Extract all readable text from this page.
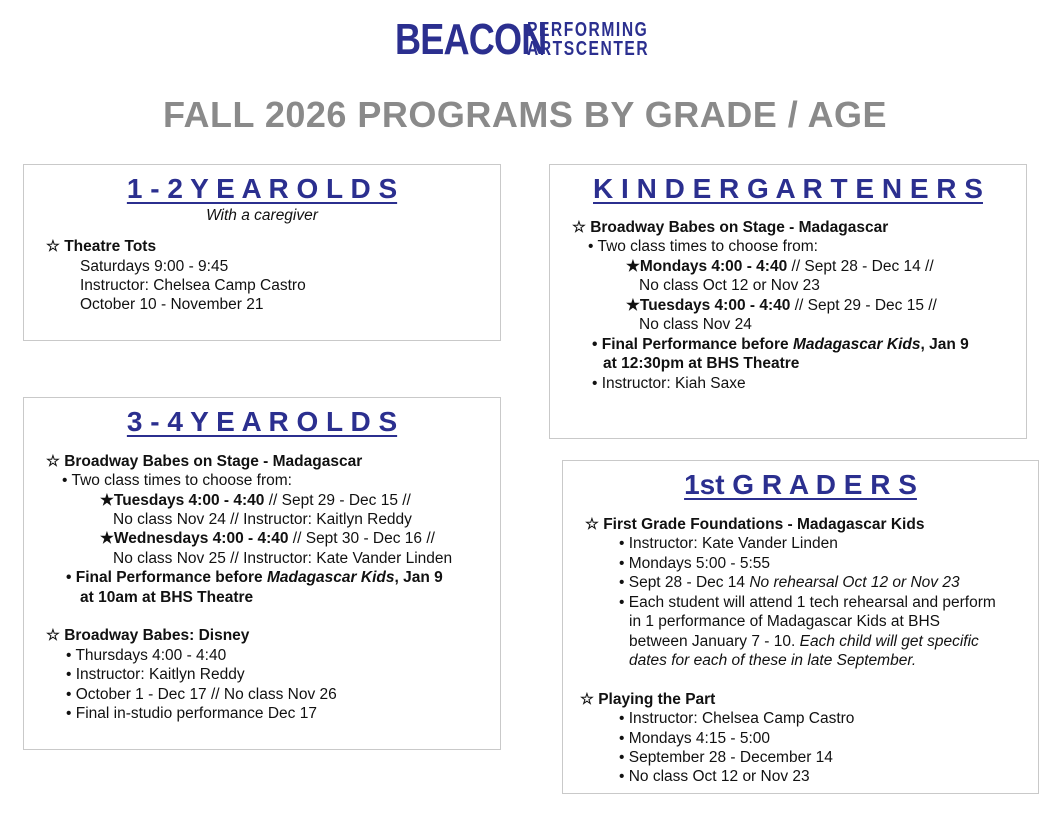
BEACON
PERFORMING
ARTSCENTER
FALL 2026 PROGRAMS BY GRADE / AGE
1 - 2 Y E A R O L D S
With a caregiver
☆ Theatre Tots
Saturdays 9:00 - 9:45
Instructor: Chelsea Camp Castro
October 10 - November 21
3 - 4 Y E A R O L D S
☆ Broadway Babes on Stage - Madagascar
• Two class times to choose from:
★Tuesdays 4:00 - 4:40 // Sept 29 - Dec 15 //
No class Nov 24 // Instructor: Kaitlyn Reddy
★Wednesdays 4:00 - 4:40 // Sept 30 - Dec 16 //
No class Nov 25 // Instructor: Kate Vander Linden
• Final Performance before Madagascar Kids, Jan 9
at 10am at BHS Theatre
☆ Broadway Babes: Disney
• Thursdays 4:00 - 4:40
• Instructor: Kaitlyn Reddy
• October 1 - Dec 17 // No class Nov 26
• Final in-studio performance Dec 17
K I N D E R G A R T E N E R S
☆ Broadway Babes on Stage - Madagascar
• Two class times to choose from:
★Mondays 4:00 - 4:40 // Sept 28 - Dec 14 //
No class Oct 12 or Nov 23
★Tuesdays 4:00 - 4:40 // Sept 29 - Dec 15 //
No class Nov 24
• Final Performance before Madagascar Kids, Jan 9
at 12:30pm at BHS Theatre
• Instructor: Kiah Saxe
1st G R A D E R S
☆ First Grade Foundations - Madagascar Kids
• Instructor: Kate Vander Linden
• Mondays 5:00 - 5:55
• Sept 28 - Dec 14 No rehearsal Oct 12 or Nov 23
• Each student will attend 1 tech rehearsal and perform
in 1 performance of Madagascar Kids at BHS
between January 7 - 10. Each child will get specific
dates for each of these in late September.
☆ Playing the Part
• Instructor: Chelsea Camp Castro
• Mondays 4:15 - 5:00
• September 28 - December 14
• No class Oct 12 or Nov 23
